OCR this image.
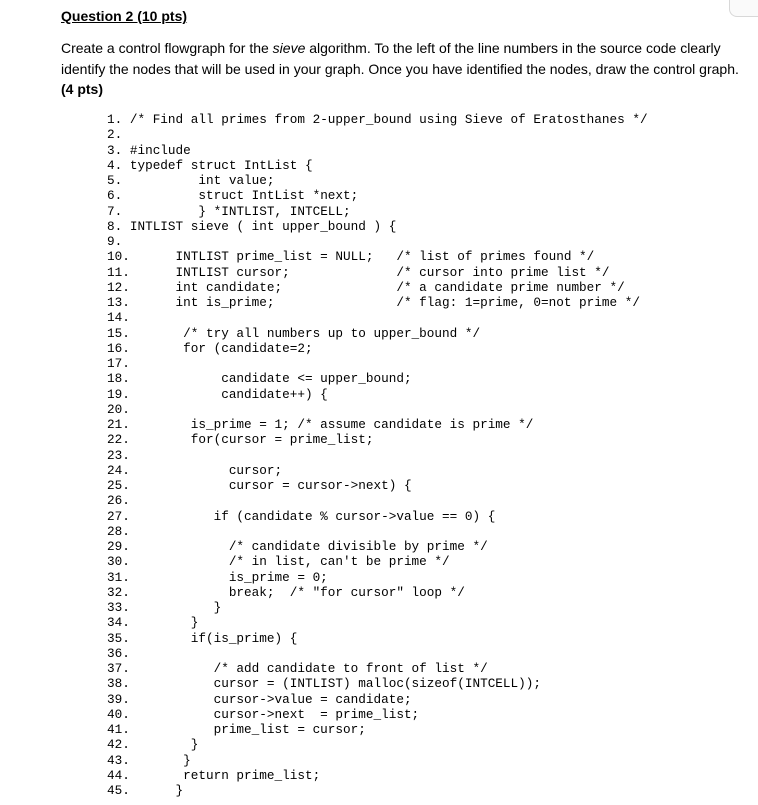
Question 2 (10 pts)

Create a control flowgraph for the sieve algorithm. To the left of the line numbers in the source code clearly identify the nodes that will be used in your graph. Once you have identified the nodes, draw the control graph. (4 pts)

1. /* Find all primes from 2-upper_bound using Sieve of Eratosthanes */
2.
3. #include
4. typedef struct IntList {
5.          int value;
6.          struct IntList *next;
7.          } *INTLIST, INTCELL;
8. INTLIST sieve ( int upper_bound ) {
9.
10.      INTLIST prime_list = NULL;   /* list of primes found */
11.      INTLIST cursor;              /* cursor into prime list */
12.      int candidate;               /* a candidate prime number */
13.      int is_prime;                /* flag: 1=prime, 0=not prime */
14.
15.       /* try all numbers up to upper_bound */
16.       for (candidate=2;
17.
18.            candidate <= upper_bound;
19.            candidate++) {
20.
21.        is_prime = 1; /* assume candidate is prime */
22.        for(cursor = prime_list;
23.
24.             cursor;
25.             cursor = cursor->next) {
26.
27.           if (candidate % cursor->value == 0) {
28.
29.             /* candidate divisible by prime */
30.             /* in list, can't be prime */
31.             is_prime = 0;
32.             break;  /* "for cursor" loop */
33.           }
34.        }
35.        if(is_prime) {
36.
37.           /* add candidate to front of list */
38.           cursor = (INTLIST) malloc(sizeof(INTCELL));
39.           cursor->value = candidate;
40.           cursor->next  = prime_list;
41.           prime_list = cursor;
42.        }
43.       }
44.       return prime_list;
45.      }
